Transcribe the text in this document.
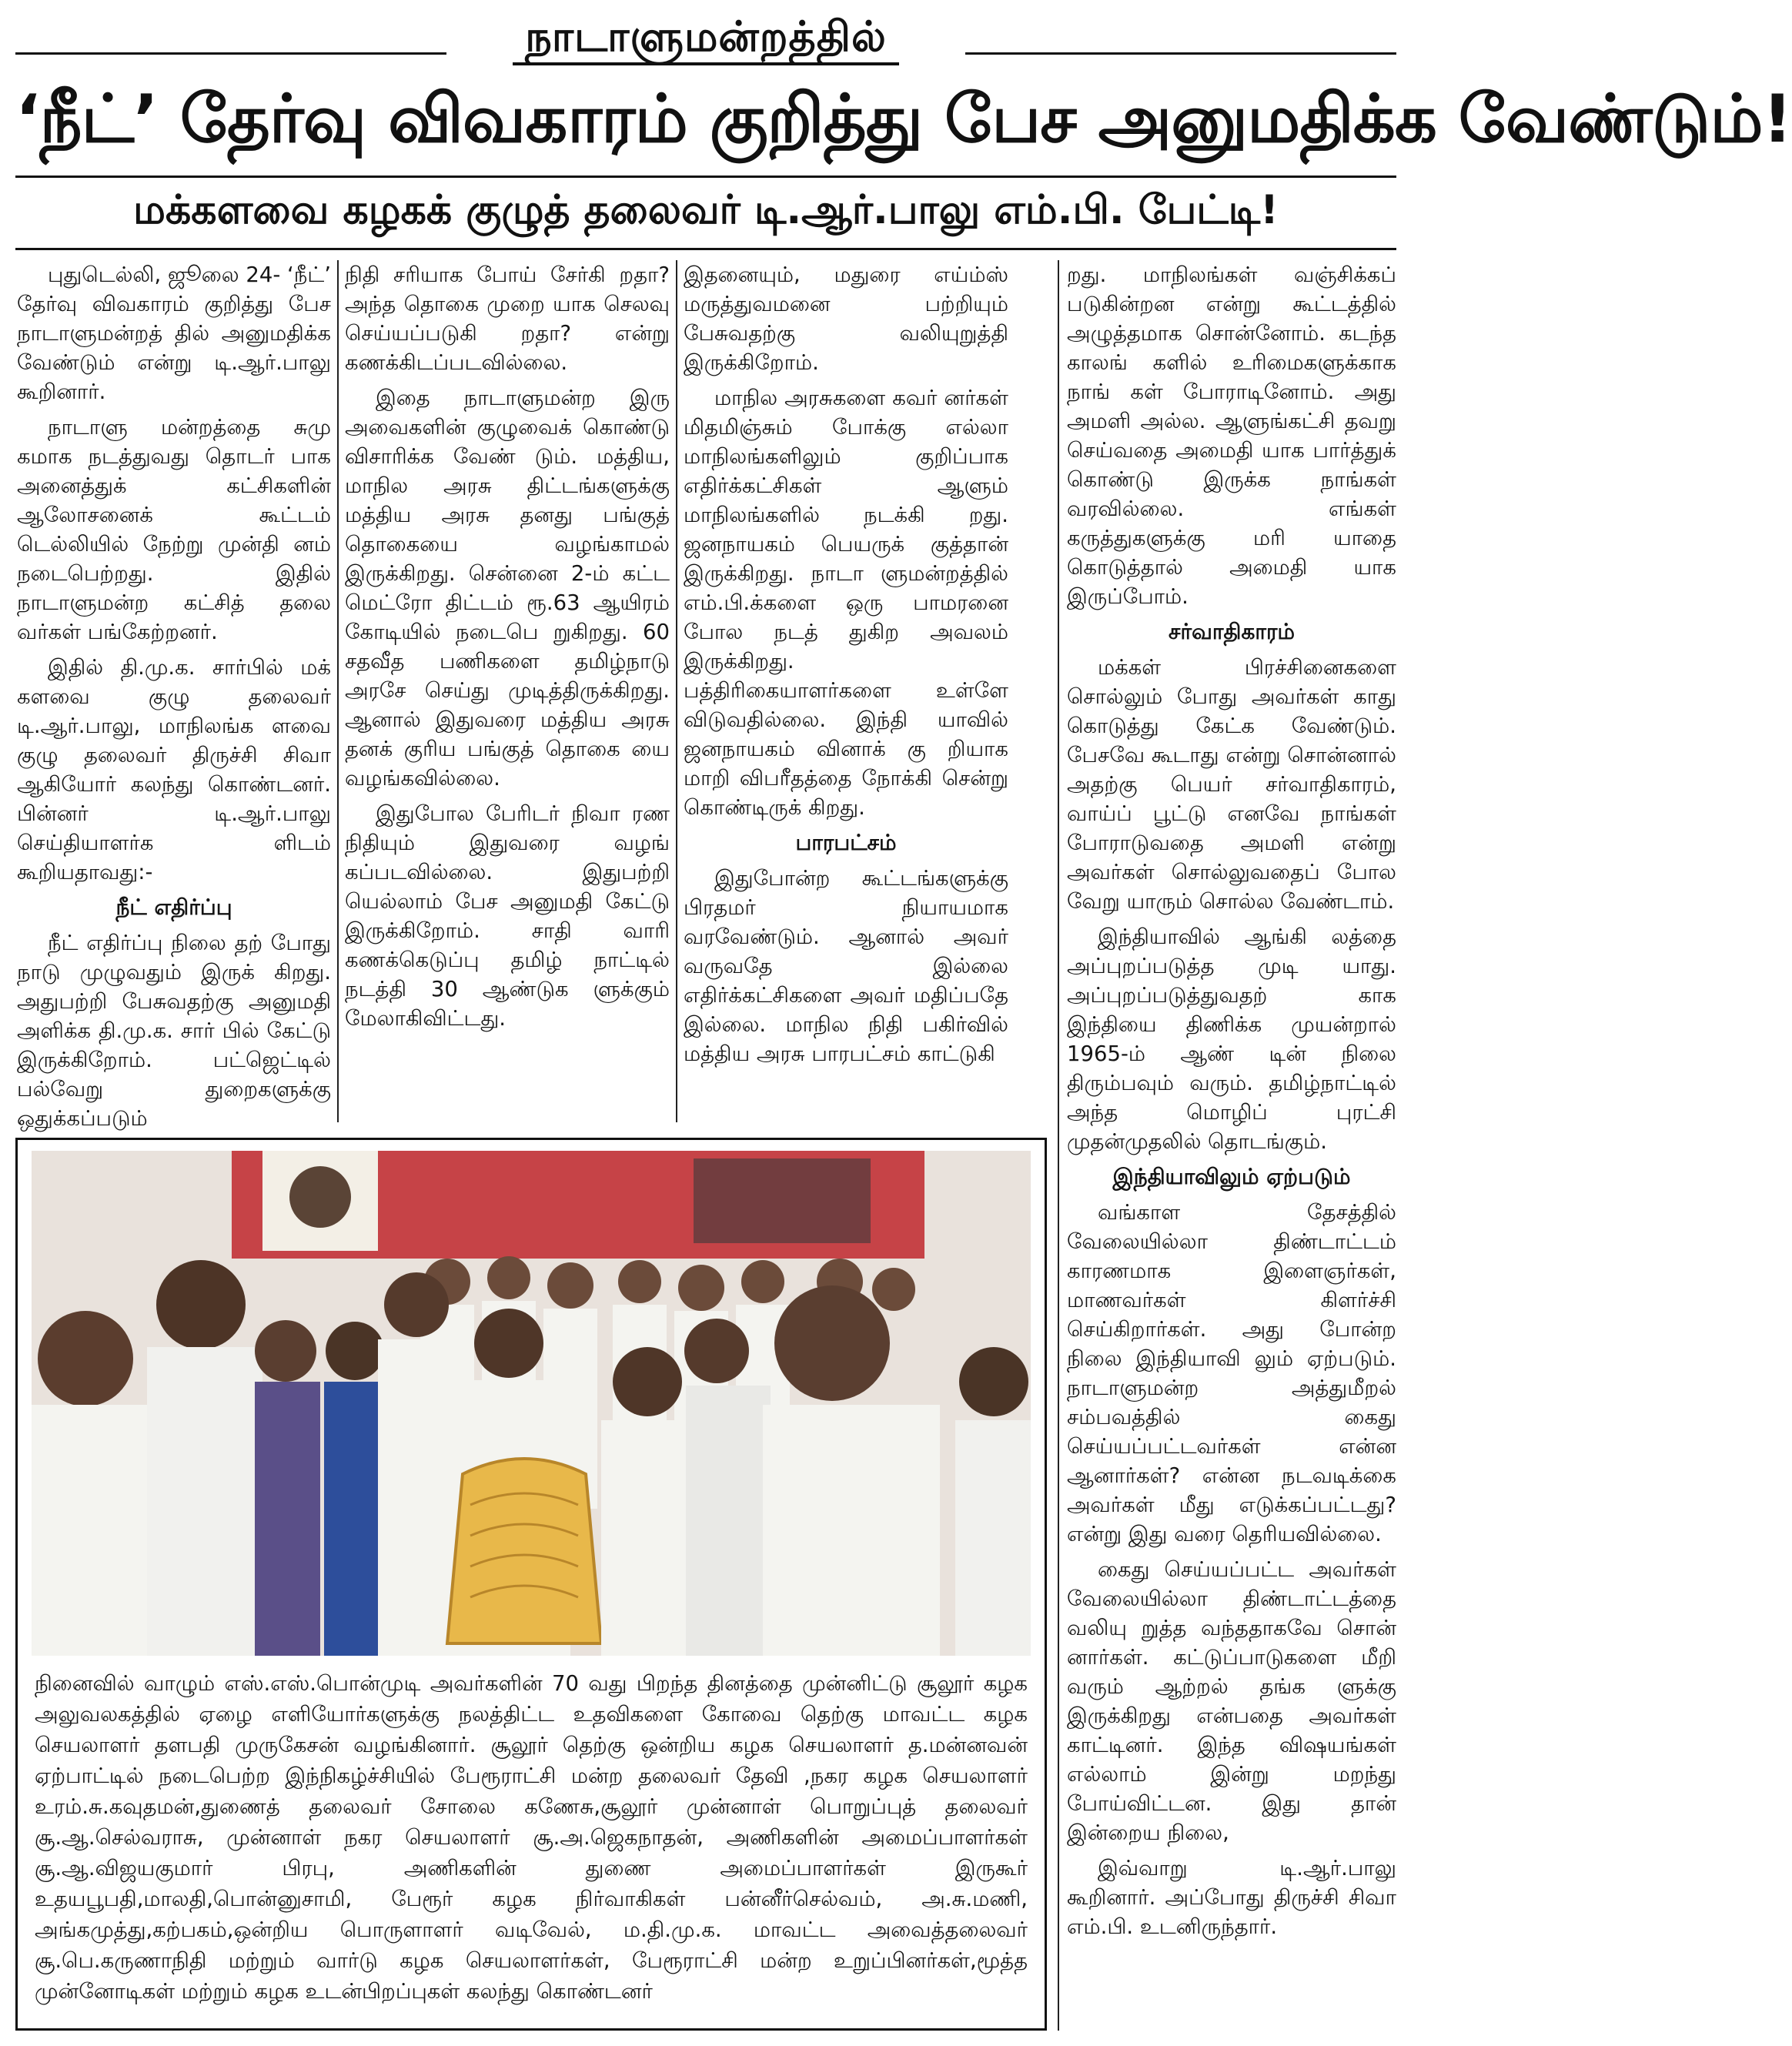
நாடாளுமன்றத்தில்
‘நீட்’ தேர்வு விவகாரம் குறித்து பேச அனுமதிக்க வேண்டும்!
மக்களவை கழகக் குழுத் தலைவர் டி.ஆர்.பாலு எம்.பி. பேட்டி!

புதுடெல்லி, ஜூலை 24- ‘நீட்’ தேர்வு விவகாரம் குறித்து பேச நாடாளுமன்றத் தில் அனுமதிக்க வேண்டும் என்று டி.ஆர்.பாலு கூறினார்.

நாடாளு மன்றத்தை சுமு கமாக நடத்துவது தொடர் பாக அனைத்துக் கட்சிகளின் ஆலோசனைக் கூட்டம் டெல்லியில் நேற்று முன்தி னம் நடைபெற்றது. இதில் நாடாளுமன்ற கட்சித் தலை வர்கள் பங்கேற்றனர்.

இதில் தி.மு.க. சார்பில் மக் களவை குழு தலைவர் டி.ஆர்.பாலு, மாநிலங்க ளவை குழு தலைவர் திருச்சி சிவா ஆகியோர் கலந்து கொண்டனர். பின்னர் டி.ஆர்.பாலு செய்தியாளர்க ளிடம் கூறியதாவது:-

நீட் எதிர்ப்பு

நீட் எதிர்ப்பு நிலை தற் போது நாடு முழுவதும் இருக் கிறது. அதுபற்றி பேசுவதற்கு அனுமதி அளிக்க தி.மு.க. சார் பில் கேட்டு இருக்கிறோம். பட்ஜெட்டில் பல்வேறு துறைகளுக்கு ஒதுக்கப்படும்

நிதி சரியாக போய் சேர்கி றதா? அந்த தொகை முறை யாக செலவு செய்யப்படுகி றதா? என்று கணக்கிடப்படவில்லை.

இதை நாடாளுமன்ற இரு அவைகளின் குழுவைக் கொண்டு விசாரிக்க வேண் டும். மத்திய, மாநில அரசு திட்டங்களுக்கு மத்திய அரசு தனது பங்குத் தொகையை வழங்காமல் இருக்கிறது. சென்னை 2-ம் கட்ட மெட்ரோ திட்டம் ரூ.63 ஆயிரம் கோடியில் நடைபெ றுகிறது. 60 சதவீத பணிகளை தமிழ்நாடு அரசே செய்து முடித்திருக்கிறது. ஆனால் இதுவரை மத்திய அரசு தனக் குரிய பங்குத் தொகை யை வழங்கவில்லை.

இதுபோல பேரிடர் நிவா ரண நிதியும் இதுவரை வழங் கப்படவில்லை. இதுபற்றி யெல்லாம் பேச அனுமதி கேட்டு இருக்கிறோம். சாதி வாரி கணக்கெடுப்பு தமிழ் நாட்டில் நடத்தி 30 ஆண்டுக ளுக்கும் மேலாகிவிட்டது.

இதனையும், மதுரை எய்ம்ஸ் மருத்துவமனை பற்றியும் பேசுவதற்கு வலியுறுத்தி இருக்கிறோம்.

மாநில அரசுகளை கவர் னர்கள் மிதமிஞ்சும் போக்கு எல்லா மாநிலங்களிலும் குறிப்பாக எதிர்க்கட்சிகள் ஆளும் மாநிலங்களில் நடக்கி றது. ஜனநாயகம் பெயருக் குத்தான் இருக்கிறது. நாடா ளுமன்றத்தில் எம்.பி.க்களை ஒரு பாமரனை போல நடத் துகிற அவலம் இருக்கிறது. பத்திரிகையாளர்களை உள்ளே விடுவதில்லை. இந்தி யாவில் ஜனநாயகம் வினாக் கு றியாக மாறி விபரீதத்தை நோக்கி சென்று கொண்டிருக் கிறது.

பாரபட்சம்

இதுபோன்ற கூட்டங்களுக்கு பிரதமர் நியாயமாக வரவேண்டும். ஆனால் அவர் வருவதே இல்லை எதிர்க்கட்சிகளை அவர் மதிப்பதே இல்லை. மாநில நிதி பகிர்வில் மத்திய அரசு பாரபட்சம் காட்டுகி

றது. மாநிலங்கள் வஞ்சிக்கப் படுகின்றன என்று கூட்டத்தில் அழுத்தமாக சொன்னோம். கடந்த காலங் களில் உரிமைகளுக்காக நாங் கள் போராடினோம். அது அமளி அல்ல. ஆளுங்கட்சி தவறு செய்வதை அமைதி யாக பார்த்துக் கொண்டு இருக்க நாங்கள் வரவில்லை. எங்கள் கருத்துகளுக்கு மரி யாதை கொடுத்தால் அமைதி யாக இருப்போம்.

சர்வாதிகாரம்

மக்கள் பிரச்சினைகளை சொல்லும் போது அவர்கள் காது கொடுத்து கேட்க வேண்டும். பேசவே கூடாது என்று சொன்னால் அதற்கு பெயர் சர்வாதிகாரம், வாய்ப் பூட்டு எனவே நாங்கள் போராடுவதை அமளி என்று அவர்கள் சொல்லுவதைப் போல வேறு யாரும் சொல்ல வேண்டாம்.

இந்தியாவில் ஆங்கி லத்தை அப்புறப்படுத்த முடி யாது. அப்புறப்படுத்துவதற் காக இந்தியை திணிக்க முயன்றால் 1965-ம் ஆண் டின் நிலை திரும்பவும் வரும். தமிழ்நாட்டில் அந்த மொழிப் புரட்சி முதன்முதலில் தொடங்கும்.

இந்தியாவிலும் ஏற்படும்

வங்காள தேசத்தில் வேலையில்லா திண்டாட்டம் காரணமாக இளைஞர்கள், மாணவர்கள் கிளர்ச்சி செய்கிறார்கள். அது போன்ற நிலை இந்தியாவி லும் ஏற்படும். நாடாளுமன்ற அத்துமீறல் சம்பவத்தில் கைது செய்யப்பட்டவர்கள் என்ன ஆனார்கள்? என்ன நடவடிக்கை அவர்கள் மீது எடுக்கப்பட்டது? என்று இது வரை தெரியவில்லை.

கைது செய்யப்பட்ட அவர்கள் வேலையில்லா திண்டாட்டத்தை வலியு றுத்த வந்ததாகவே சொன் னார்கள். கட்டுப்பாடுகளை மீறி வரும் ஆற்றல் தங்க ளுக்கு இருக்கிறது என்பதை அவர்கள் காட்டினர். இந்த விஷயங்கள் எல்லாம் இன்று மறந்து போய்விட்டன. இது தான் இன்றைய நிலை,

இவ்வாறு டி.ஆர்.பாலு கூறினார். அப்போது திருச்சி சிவா எம்.பி. உடனிருந்தார்.

நினைவில் வாழும் எஸ்.எஸ்.பொன்முடி அவர்களின் 70 வது பிறந்த தினத்தை முன்னிட்டு சூலூர் கழக அலுவலகத்தில் ஏழை எளியோர்களுக்கு நலத்திட்ட உதவிகளை கோவை தெற்கு மாவட்ட கழக செயலாளர் தளபதி முருகேசன் வழங்கினார். சூலூர் தெற்கு ஒன்றிய கழக செயலாளர் த.மன்னவன் ஏற்பாட்டில் நடைபெற்ற இந்நிகழ்ச்சியில் பேரூராட்சி மன்ற தலைவர் தேவி ,நகர கழக செயலாளர் உரம்.சு.கவுதமன்,துணைத் தலைவர் சோலை கணேசு,சூலூர் முன்னாள் பொறுப்புத் தலைவர் சூ.ஆ.செல்வராசு, முன்னாள் நகர செயலாளர் சூ.அ.ஜெகநாதன், அணிகளின் அமைப்பாளர்கள் சூ.ஆ.விஜயகுமார் பிரபு, அணிகளின் துணை அமைப்பாளர்கள் இருகூர் உதயபூபதி,மாலதி,பொன்னுசாமி, பேரூர் கழக நிர்வாகிகள் பன்னீர்செல்வம், அ.சு.மணி, அங்கமுத்து,கற்பகம்,ஒன்றிய பொருளாளர் வடிவேல், ம.தி.மு.க. மாவட்ட அவைத்தலைவர் சூ.பெ.கருணாநிதி மற்றும் வார்டு கழக செயலாளர்கள், பேரூராட்சி மன்ற உறுப்பினர்கள்,மூத்த முன்னோடிகள் மற்றும் கழக உடன்பிறப்புகள் கலந்து கொண்டனர்
